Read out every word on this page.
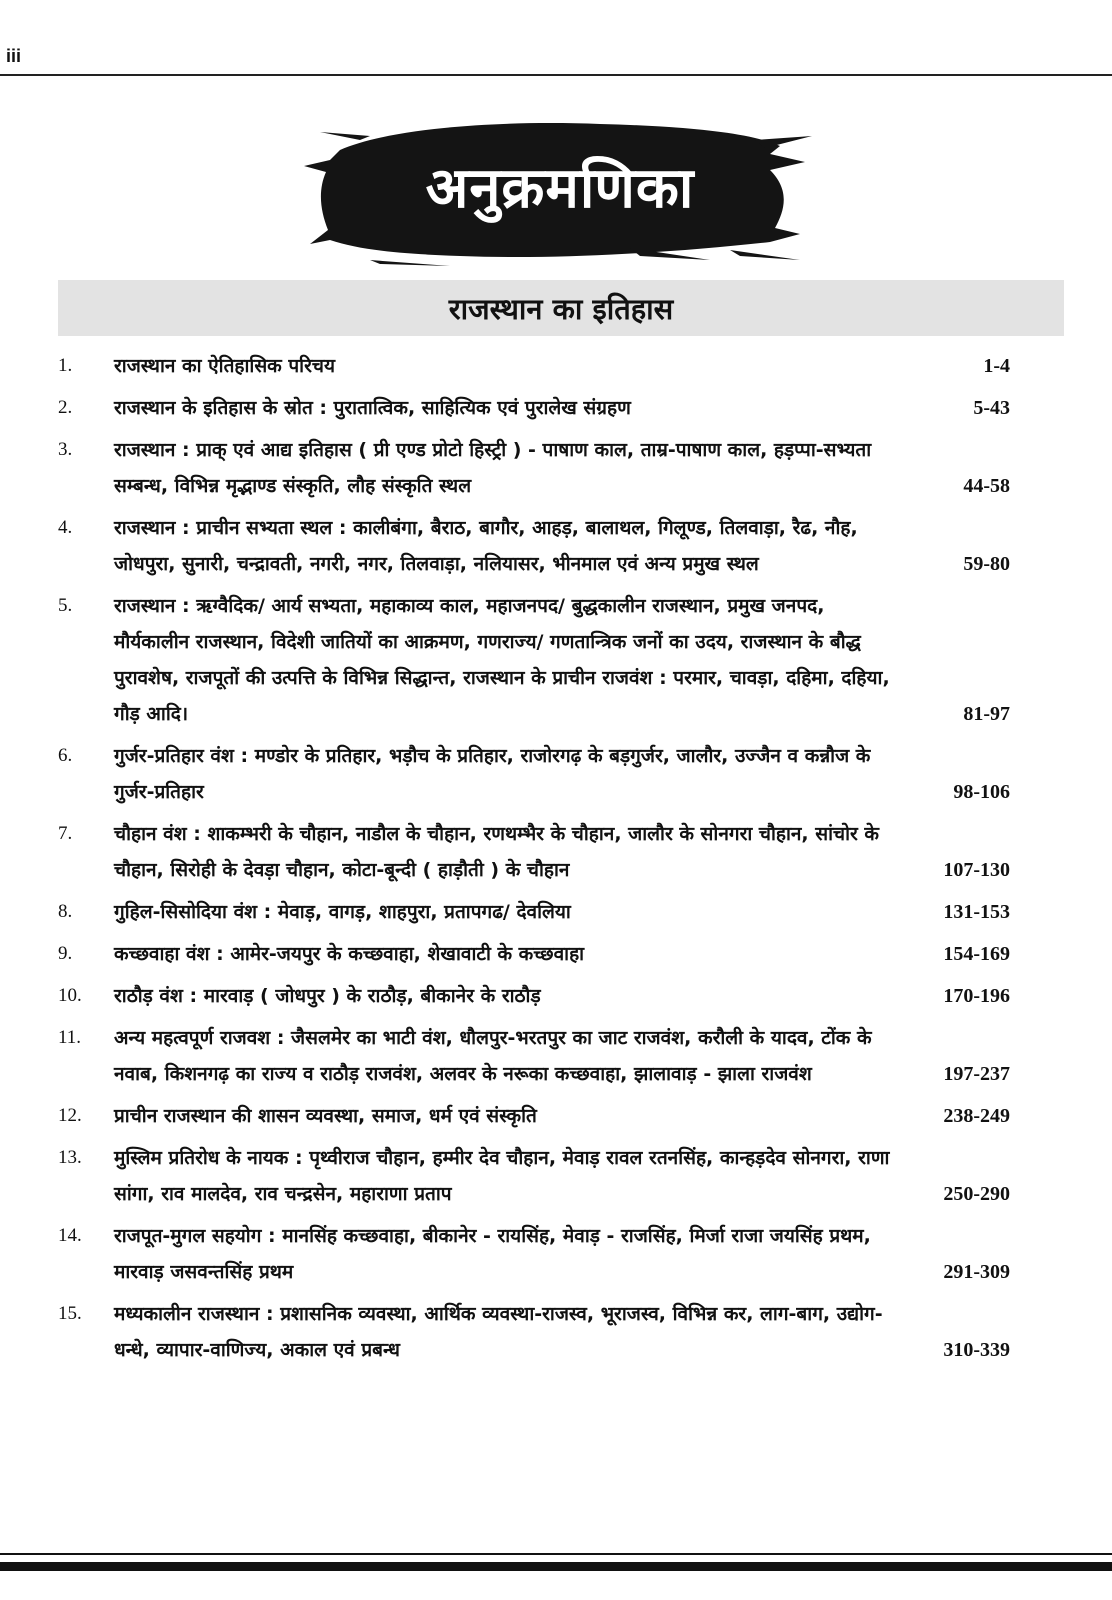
iii
अनुक्रमणिका
राजस्थान का इतिहास
1.	राजस्थान का ऐतिहासिक परिचय	1-4
2.	राजस्थान के इतिहास के स्रोत : पुरातात्विक, साहित्यिक एवं पुरालेख संग्रहण	5-43
3.	राजस्थान : प्राक् एवं आद्य इतिहास ( प्री एण्ड प्रोटो हिस्ट्री ) - पाषाण काल, ताम्र-पाषाण काल, हड़प्पा-सभ्यता सम्बन्ध, विभिन्न मृद्भाण्ड संस्कृति, लौह संस्कृति स्थल	44-58
4.	राजस्थान : प्राचीन सभ्यता स्थल : कालीबंगा, बैराठ, बागौर, आहड़, बालाथल, गिलूण्ड, तिलवाड़ा, रैढ, नौह, जोधपुरा, सुनारी, चन्द्रावती, नगरी, नगर, तिलवाड़ा, नलियासर, भीनमाल एवं अन्य प्रमुख स्थल	59-80
5.	राजस्थान : ऋग्वैदिक/ आर्य सभ्यता, महाकाव्य काल, महाजनपद/ बुद्धकालीन राजस्थान, प्रमुख जनपद, मौर्यकालीन राजस्थान, विदेशी जातियों का आक्रमण, गणराज्य/ गणतान्त्रिक जनों का उदय, राजस्थान के बौद्ध पुरावशेष, राजपूतों की उत्पत्ति के विभिन्न सिद्धान्त, राजस्थान के प्राचीन राजवंश : परमार, चावड़ा, दहिमा, दहिया, गौड़ आदि।	81-97
6.	गुर्जर-प्रतिहार वंश : मण्डोर के प्रतिहार, भड़ौच के प्रतिहार, राजोरगढ़ के बड़गुर्जर, जालौर, उज्जैन व कन्नौज के गुर्जर-प्रतिहार	98-106
7.	चौहान वंश : शाकम्भरी के चौहान, नाडौल के चौहान, रणथम्भैर के चौहान, जालौर के सोनगरा चौहान, सांचोर के चौहान, सिरोही के देवड़ा चौहान, कोटा-बून्दी ( हाड़ौती ) के चौहान	107-130
8.	गुहिल-सिसोदिया वंश : मेवाड़, वागड़, शाहपुरा, प्रतापगढ/ देवलिया	131-153
9.	कच्छवाहा वंश : आमेर-जयपुर के कच्छवाहा, शेखावाटी के कच्छवाहा	154-169
10.	राठौड़ वंश : मारवाड़ ( जोधपुर ) के राठौड़, बीकानेर के राठौड़	170-196
11.	अन्य महत्वपूर्ण राजवश : जैसलमेर का भाटी वंश, धौलपुर-भरतपुर का जाट राजवंश, करौली के यादव, टोंक के नवाब, किशनगढ़ का राज्य व राठौड़ राजवंश, अलवर के नरूका कच्छवाहा, झालावाड़ - झाला राजवंश	197-237
12.	प्राचीन राजस्थान की शासन व्यवस्था, समाज, धर्म एवं संस्कृति	238-249
13.	मुस्लिम प्रतिरोध के नायक : पृथ्वीराज चौहान, हम्मीर देव चौहान, मेवाड़ रावल रतनसिंह, कान्हड़देव सोनगरा, राणा सांगा, राव मालदेव, राव चन्द्रसेन, महाराणा प्रताप	250-290
14.	राजपूत-मुगल सहयोग : मानसिंह कच्छवाहा, बीकानेर - रायसिंह, मेवाड़ - राजसिंह, मिर्जा राजा जयसिंह प्रथम, मारवाड़ जसवन्तसिंह प्रथम	291-309
15.	मध्यकालीन राजस्थान : प्रशासनिक व्यवस्था, आर्थिक व्यवस्था-राजस्व, भूराजस्व, विभिन्न कर, लाग-बाग, उद्योग-धन्धे, व्यापार-वाणिज्य, अकाल एवं प्रबन्ध	310-339
